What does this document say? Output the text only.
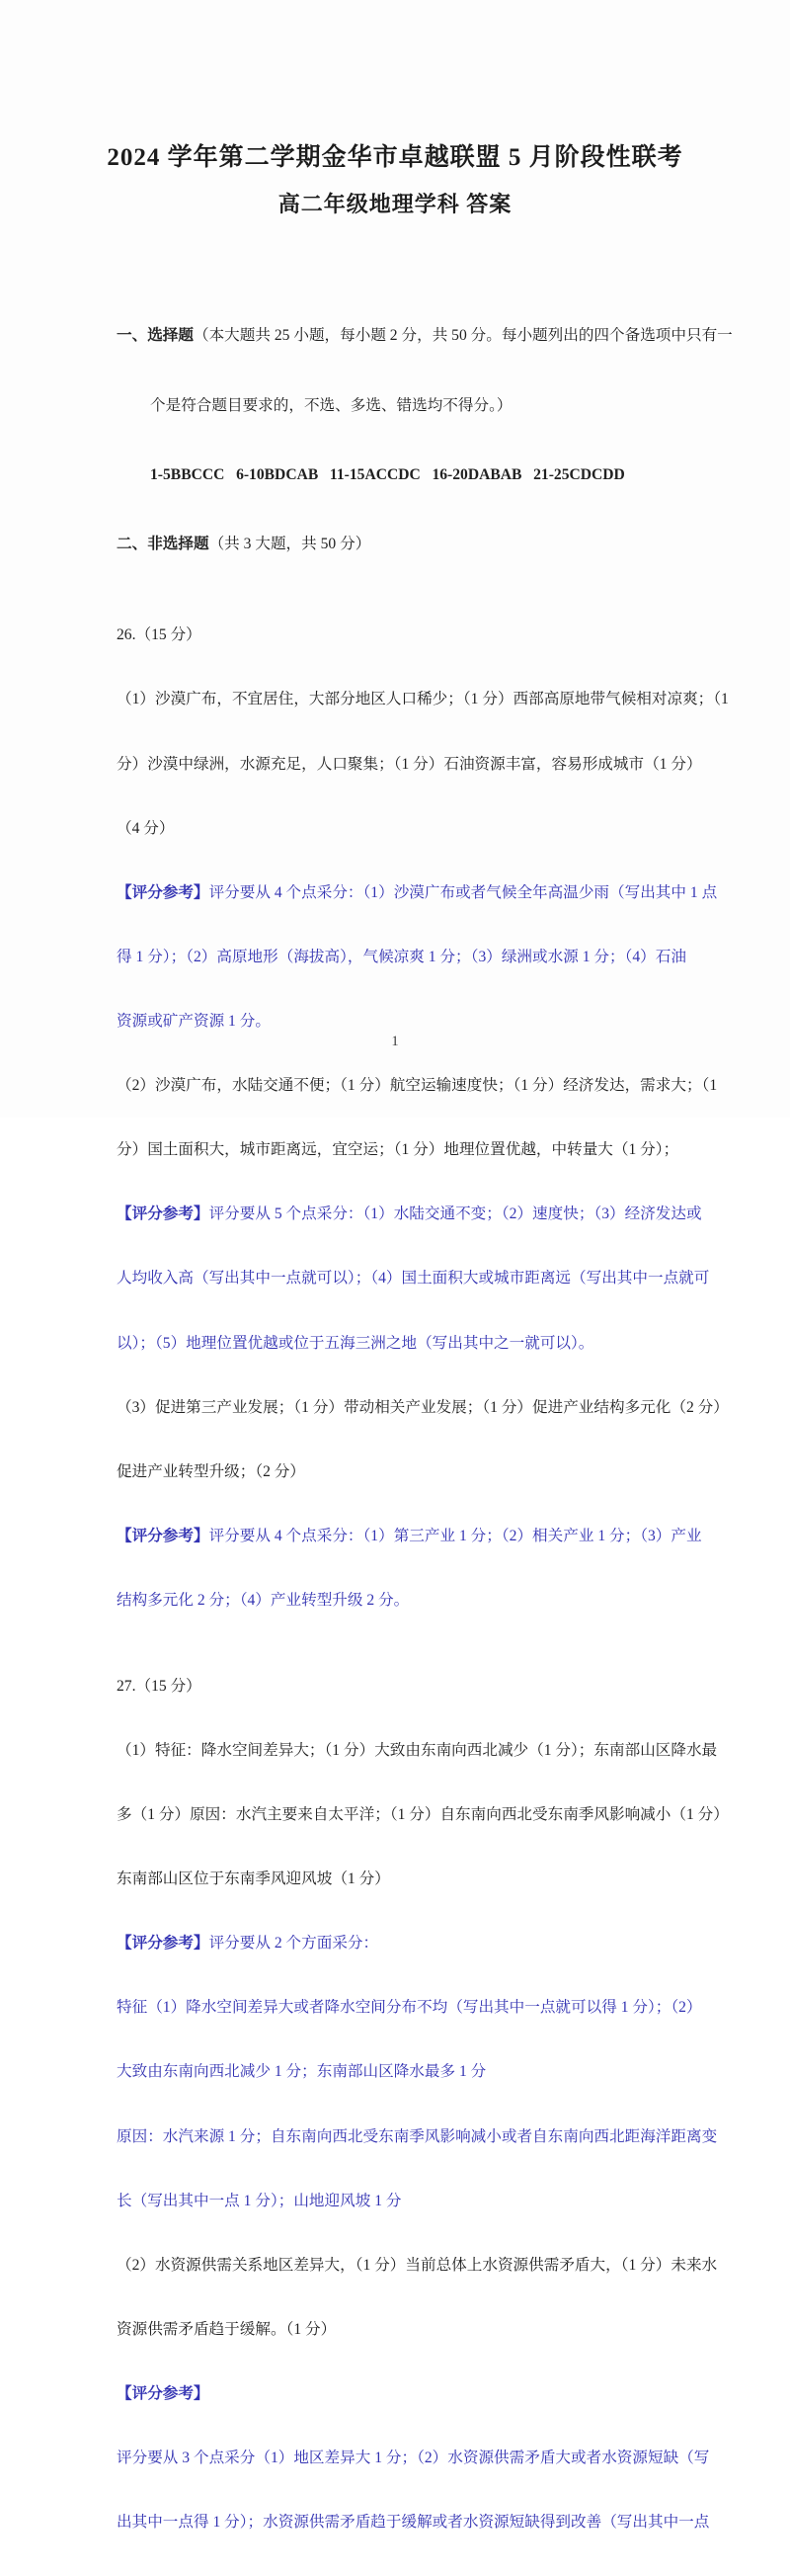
2024 学年第二学期金华市卓越联盟 5 月阶段性联考
高二年级地理学科 答案

一、选择题（本大题共 25 小题，每小题 2 分，共 50 分。每小题列出的四个备选项中只有一

个是符合题目要求的，不选、多选、错选均不得分。）

1-5BBCCC   6-10BDCAB   11-15ACCDC   16-20DABAB   21-25CDCDD

二、非选择题（共 3 大题，共 50 分）

26.（15 分）

（1）沙漠广布，不宜居住，大部分地区人口稀少；（1 分）西部高原地带气候相对凉爽；（1

分）沙漠中绿洲，水源充足，人口聚集；（1 分）石油资源丰富，容易形成城市（1 分）

（4 分）

【评分参考】评分要从 4 个点采分：（1）沙漠广布或者气候全年高温少雨（写出其中 1 点

得 1 分）；（2）高原地形（海拔高），气候凉爽 1 分；（3）绿洲或水源 1 分；（4）石油

资源或矿产资源 1 分。

（2）沙漠广布，水陆交通不便；（1 分）航空运输速度快；（1 分）经济发达，需求大；（1

分）国土面积大，城市距离远，宜空运；（1 分）地理位置优越，中转量大（1 分）；

【评分参考】评分要从 5 个点采分：（1）水陆交通不变；（2）速度快；（3）经济发达或

人均收入高（写出其中一点就可以）；（4）国土面积大或城市距离远（写出其中一点就可

以）；（5）地理位置优越或位于五海三洲之地（写出其中之一就可以）。

（3）促进第三产业发展；（1 分）带动相关产业发展；（1 分）促进产业结构多元化（2 分）

促进产业转型升级；（2 分）

【评分参考】评分要从 4 个点采分：（1）第三产业 1 分；（2）相关产业 1 分；（3）产业

结构多元化 2 分；（4）产业转型升级 2 分。

27.（15 分）

（1）特征：降水空间差异大；（1 分）大致由东南向西北减少（1 分）；东南部山区降水最

多（1 分）原因：水汽主要来自太平洋；（1 分）自东南向西北受东南季风影响减小（1 分）

东南部山区位于东南季风迎风坡（1 分）

【评分参考】评分要从 2 个方面采分：

特征（1）降水空间差异大或者降水空间分布不均（写出其中一点就可以得 1 分）；（2）

大致由东南向西北减少 1 分；东南部山区降水最多 1 分

原因：水汽来源 1 分；自东南向西北受东南季风影响减小或者自东南向西北距海洋距离变

长（写出其中一点 1 分）；山地迎风坡 1 分

（2）水资源供需关系地区差异大，（1 分）当前总体上水资源供需矛盾大，（1 分）未来水

资源供需矛盾趋于缓解。（1 分）

【评分参考】

评分要从 3 个点采分（1）地区差异大 1 分；（2）水资源供需矛盾大或者水资源短缺（写

出其中一点得 1 分）；水资源供需矛盾趋于缓解或者水资源短缺得到改善（写出其中一点

1
